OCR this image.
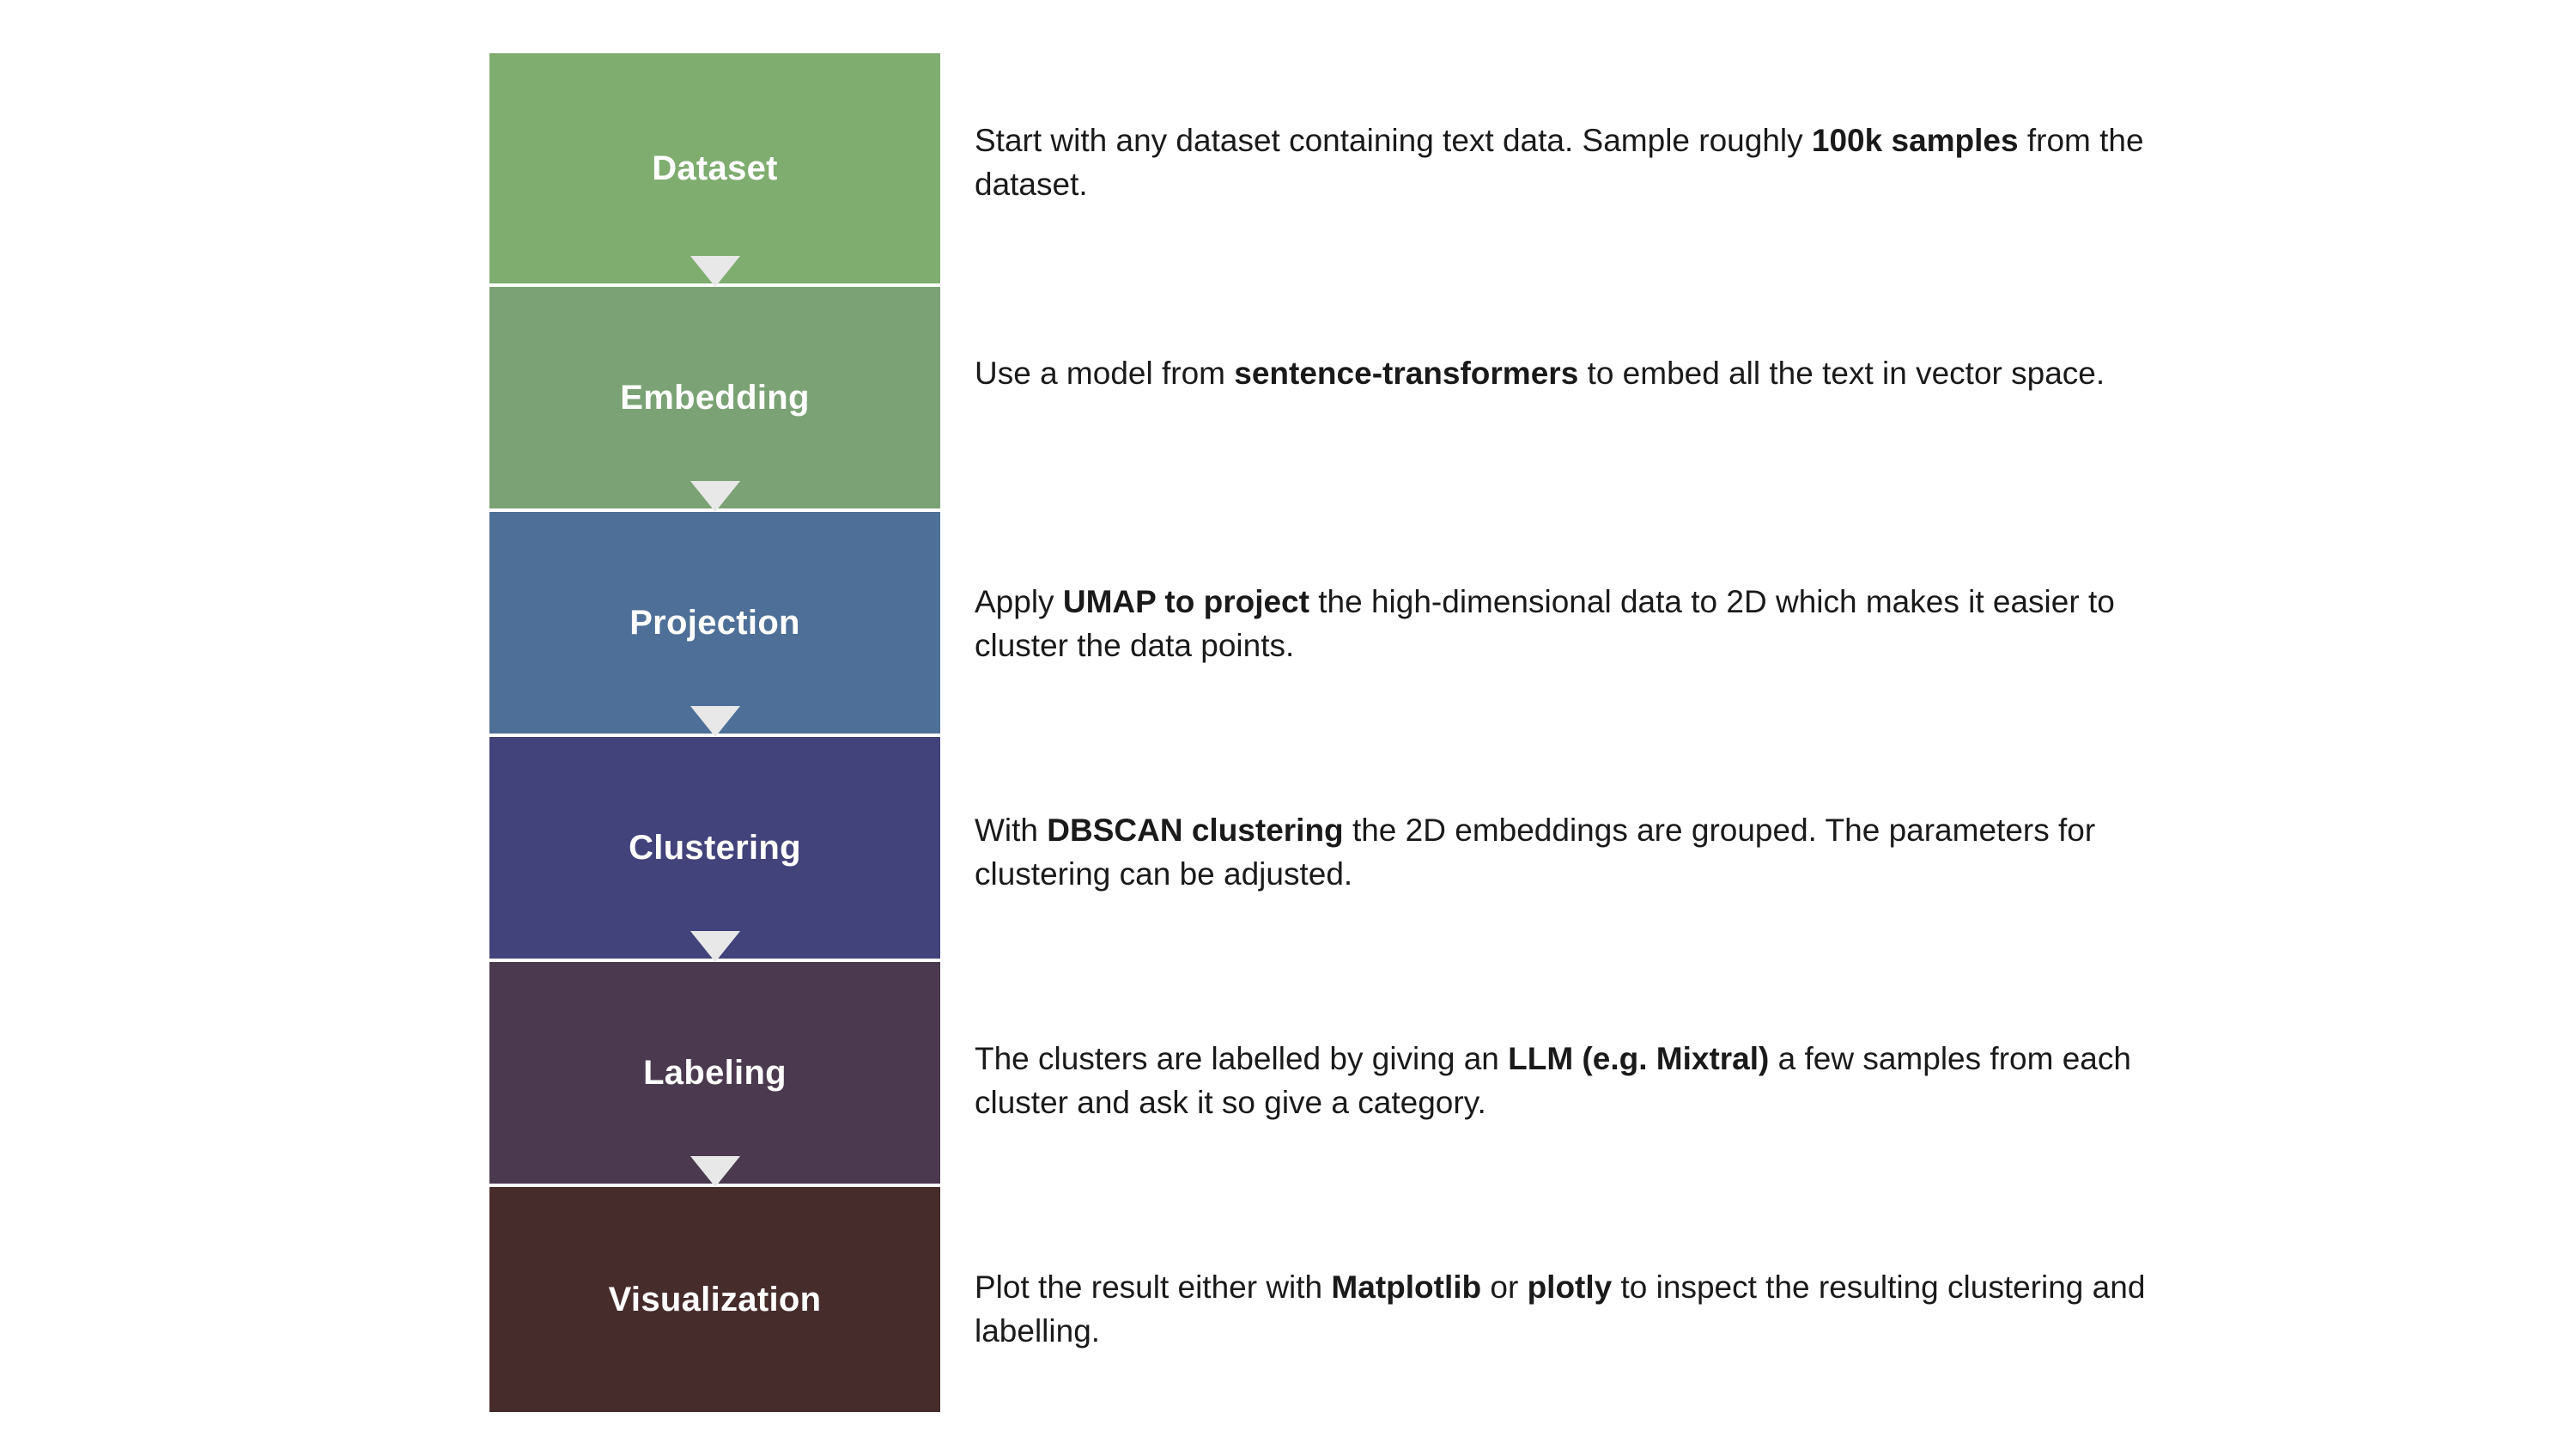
Dataset
Embedding
Projection
Clustering
Labeling
Visualization
Start with any dataset containing text data. Sample roughly 100k samples from the dataset.
Use a model from sentence-transformers to embed all the text in vector space.
Apply UMAP to project the high-dimensional data to 2D which makes it easier to cluster the data points.
With DBSCAN clustering the 2D embeddings are grouped. The parameters for clustering can be adjusted.
The clusters are labelled by giving an LLM (e.g. Mixtral) a few samples from each cluster and ask it so give a category.
Plot the result either with Matplotlib or plotly to inspect the resulting clustering and labelling.
